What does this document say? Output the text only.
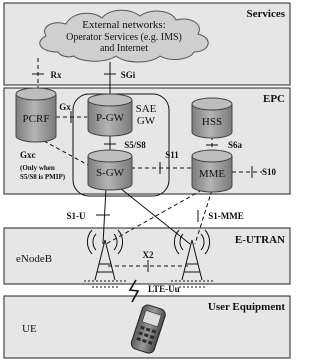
Services
EPC
E-UTRAN
User Equipment
External networks:
Operator Services (e.g. IMS)
and Internet
SAE
GW
PCRF	P-GW
S-GW
HSS
MME
Rx	SGi
Gx
S5/S8
S11
S6a
S10
Gxc
(Only when
S5/S8 is PMIP)
S1-U	S1-MME
X2
LTE-Uu
eNodeB
UE
